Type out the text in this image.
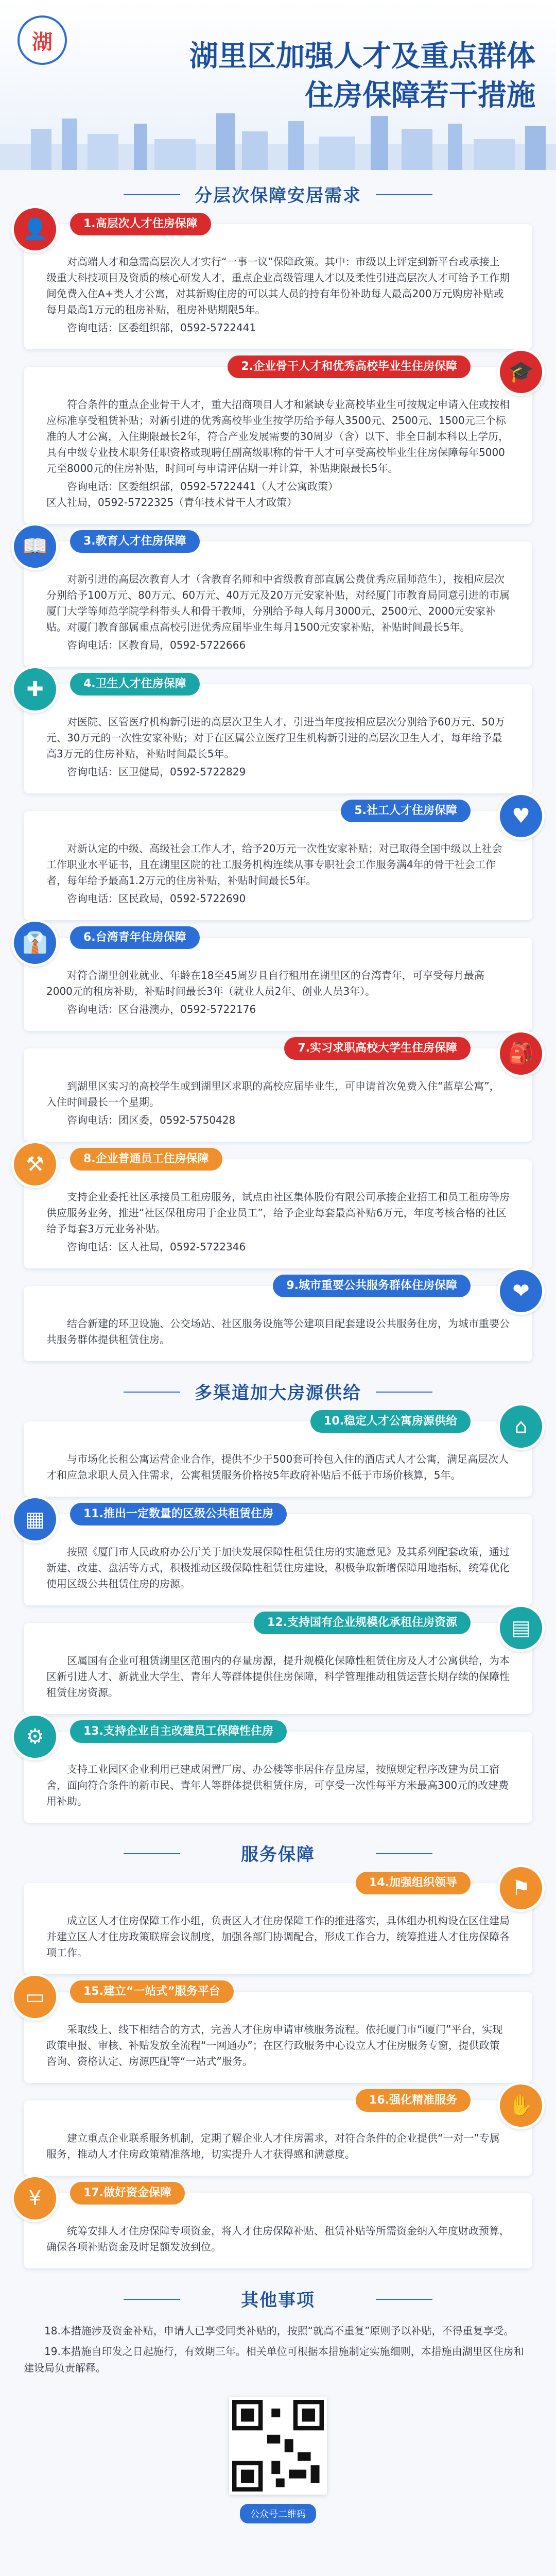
湖	湖里区加强人才及重点群体
住房保障若干措施
分层次保障安居需求
👤	1.高层次人才住房保障

对高端人才和急需高层次人才实行“一事一议”保障政策。其中：市级以上评定到新平台或承接上级重大科技项目及资质的核心研发人才，重点企业高级管理人才以及柔性引进高层次人才可给予工作期间免费入住A+类人才公寓，对其新购住房的可以其人员的持有年份补助每人最高200万元购房补贴或每月最高1万元的租房补贴，租房补贴期限5年。

咨询电话：区委组织部，0592-5722441

🎓
2.企业骨干人才和优秀高校毕业生住房保障

符合条件的重点企业骨干人才，重大招商项目人才和紧缺专业高校毕业生可按规定申请入住或按相应标准享受租赁补贴；对新引进的优秀高校毕业生按学历给予每人3500元、2500元、1500元三个标准的人才公寓，入住期限最长2年，符合产业发展需要的30周岁（含）以下、非全日制本科以上学历，具有中级专业技术职务任职资格或现聘任副高级职称的骨干人才可享受高校毕业生住房保障每年5000元至8000元的住房补贴，时间可与申请评估期一并计算，补贴期限最长5年。

咨询电话：区委组织部，0592-5722441（人才公寓政策）
区人社局，0592-5722325（青年技术骨干人才政策）

📖	3.教育人才住房保障

对新引进的高层次教育人才（含教育名师和中省级教育部直属公费优秀应届师范生），按相应层次分别给予100万元、80万元、60万元、40万元及20万元安家补贴，对经厦门市教育局同意引进的市属厦门大学等师范学院学科带头人和骨干教师，分别给予每人每月3000元、2500元、2000元安家补贴。对厦门教育部属重点高校引进优秀应届毕业生每月1500元安家补贴，补贴时间最长5年。

咨询电话：区教育局，0592-5722666

✚	4.卫生人才住房保障

对医院、区管医疗机构新引进的高层次卫生人才，引进当年度按相应层次分别给予60万元、50万元、30万元的一次性安家补贴；对于在区属公立医疗卫生机构新引进的高层次卫生人才，每年给予最高3万元的住房补贴，补贴时间最长5年。

咨询电话：区卫健局，0592-5722829

♥
5.社工人才住房保障

对新认定的中级、高级社会工作人才，给予20万元一次性安家补贴；对已取得全国中级以上社会工作职业水平证书，且在湖里区院的社工服务机构连续从事专职社会工作服务满4年的骨干社会工作者，每年给予最高1.2万元的住房补贴，补贴时间最长5年。

咨询电话：区民政局，0592-5722690

👔	6.台湾青年住房保障

对符合湖里创业就业、年龄在18至45周岁且自行租用在湖里区的台湾青年，可享受每月最高2000元的租房补助，补贴时间最长3年（就业人员2年、创业人员3年）。

咨询电话：区台港澳办，0592-5722176

🎒
7.实习求职高校大学生住房保障

到湖里区实习的高校学生或到湖里区求职的高校应届毕业生，可申请首次免费入住“蓝草公寓”，入住时间最长一个星期。

咨询电话：团区委，0592-5750428

⚒	8.企业普通员工住房保障

支持企业委托社区承接员工租房服务，试点由社区集体股份有限公司承接企业招工和员工租房等房供应服务业务，推进“社区保租房用于企业员工”，给予企业每套最高补贴6万元，年度考核合格的社区给予每套3万元业务补贴。

咨询电话：区人社局，0592-5722346

❤
9.城市重要公共服务群体住房保障

结合新建的环卫设施、公交场站、社区服务设施等公建项目配套建设公共服务住房，为城市重要公共服务群体提供租赁住房。

多渠道加大房源供给
⌂
10.稳定人才公寓房源供给

与市场化长租公寓运营企业合作，提供不少于500套可拎包入住的酒店式人才公寓，满足高层次人才和应急求职人员入住需求，公寓租赁服务价格按5年政府补贴后不低于市场价核算，5年。

▦	11.推出一定数量的区级公共租赁住房

按照《厦门市人民政府办公厅关于加快发展保障性租赁住房的实施意见》及其系列配套政策，通过新建、改建、盘活等方式，积极推动区级保障性租赁住房建设，积极争取新增保障用地指标，统筹优化使用区级公共租赁住房的房源。

▤
12.支持国有企业规模化承租住房资源

区属国有企业可租赁湖里区范围内的存量房源，提升规模化保障性租赁住房及人才公寓供给，为本区新引进人才、新就业大学生、青年人等群体提供住房保障，科学管理推动租赁运营长期存续的保障性租赁住房资源。

⚙	13.支持企业自主改建员工保障性住房

支持工业园区企业利用已建成闲置厂房、办公楼等非居住存量房屋，按照规定程序改建为员工宿舍，面向符合条件的新市民、青年人等群体提供租赁住房，可享受一次性每平方米最高300元的改建费用补助。

服务保障
⚑
14.加强组织领导

成立区人才住房保障工作小组，负责区人才住房保障工作的推进落实，具体组办机构设在区住建局并建立区人才住房政策联席会议制度，加强各部门协调配合，形成工作合力，统筹推进人才住房保障各项工作。

▭	15.建立“一站式”服务平台

采取线上、线下相结合的方式，完善人才住房申请审核服务流程。依托厦门市“i厦门”平台，实现政策申报、审核、补贴发放全流程“一网通办”；在区行政服务中心设立人才住房服务专窗，提供政策咨询、资格认定、房源匹配等“一站式”服务。

✋
16.强化精准服务

建立重点企业联系服务机制，定期了解企业人才住房需求，对符合条件的企业提供“一对一”专属服务，推动人才住房政策精准落地，切实提升人才获得感和满意度。

¥	17.做好资金保障

统筹安排人才住房保障专项资金，将人才住房保障补贴、租赁补贴等所需资金纳入年度财政预算，确保各项补贴资金及时足额发放到位。

其他事项

18.本措施涉及资金补贴，申请人已享受同类补贴的，按照“就高不重复”原则予以补贴，不得重复享受。

19.本措施自印发之日起施行，有效期三年。相关单位可根据本措施制定实施细则，本措施由湖里区住房和建设局负责解释。

公众号二维码
